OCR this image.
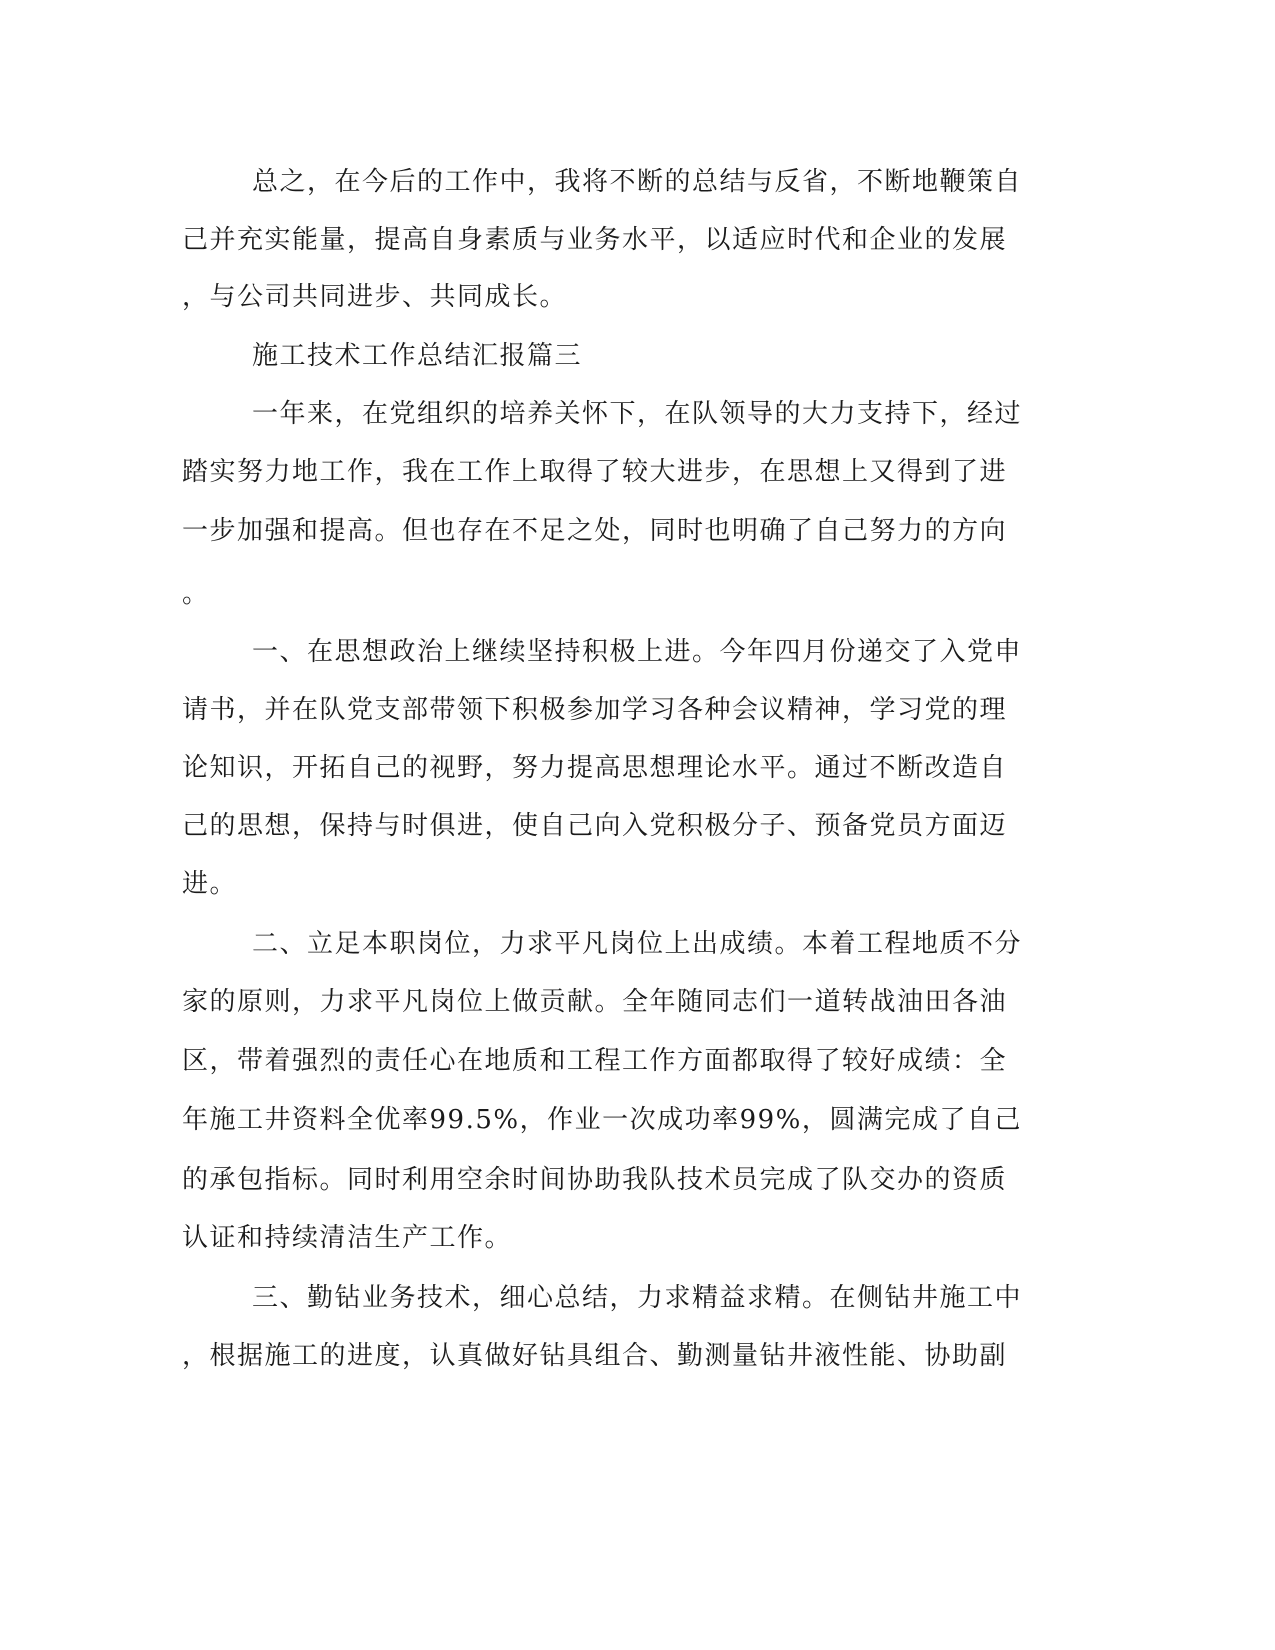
总之，在今后的工作中，我将不断的总结与反省，不断地鞭策自
己并充实能量，提高自身素质与业务水平，以适应时代和企业的发展
，与公司共同进步、共同成长。
施工技术工作总结汇报篇三
一年来，在党组织的培养关怀下，在队领导的大力支持下，经过
踏实努力地工作，我在工作上取得了较大进步，在思想上又得到了进
一步加强和提高。但也存在不足之处，同时也明确了自己努力的方向
。
一、在思想政治上继续坚持积极上进。今年四月份递交了入党申
请书，并在队党支部带领下积极参加学习各种会议精神，学习党的理
论知识，开拓自己的视野，努力提高思想理论水平。通过不断改造自
己的思想，保持与时俱进，使自己向入党积极分子、预备党员方面迈
进。
二、立足本职岗位，力求平凡岗位上出成绩。本着工程地质不分
家的原则，力求平凡岗位上做贡献。全年随同志们一道转战油田各油
区，带着强烈的责任心在地质和工程工作方面都取得了较好成绩：全
年施工井资料全优率99.5%，作业一次成功率99%，圆满完成了自己
的承包指标。同时利用空余时间协助我队技术员完成了队交办的资质
认证和持续清洁生产工作。
三、勤钻业务技术，细心总结，力求精益求精。在侧钻井施工中
，根据施工的进度，认真做好钻具组合、勤测量钻井液性能、协助副
